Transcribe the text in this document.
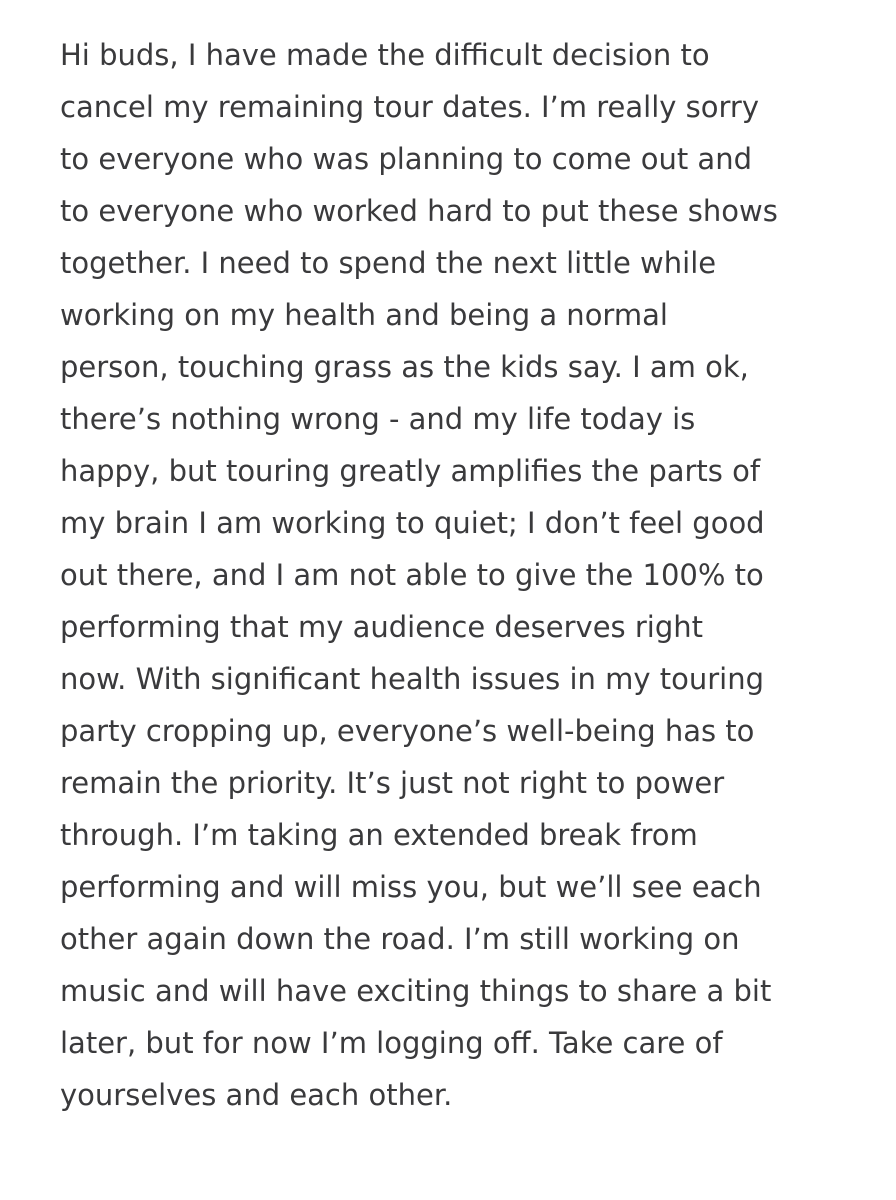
Hi buds, I have made the difficult decision to
cancel my remaining tour dates. I’m really sorry
to everyone who was planning to come out and
to everyone who worked hard to put these shows
together. I need to spend the next little while
working on my health and being a normal
person, touching grass as the kids say. I am ok,
there’s nothing wrong - and my life today is
happy, but touring greatly amplifies the parts of
my brain I am working to quiet; I don’t feel good
out there, and I am not able to give the 100% to
performing that my audience deserves right
now. With significant health issues in my touring
party cropping up, everyone’s well-being has to
remain the priority. It’s just not right to power
through. I’m taking an extended break from
performing and will miss you, but we’ll see each
other again down the road. I’m still working on
music and will have exciting things to share a bit
later, but for now I’m logging off. Take care of
yourselves and each other.
